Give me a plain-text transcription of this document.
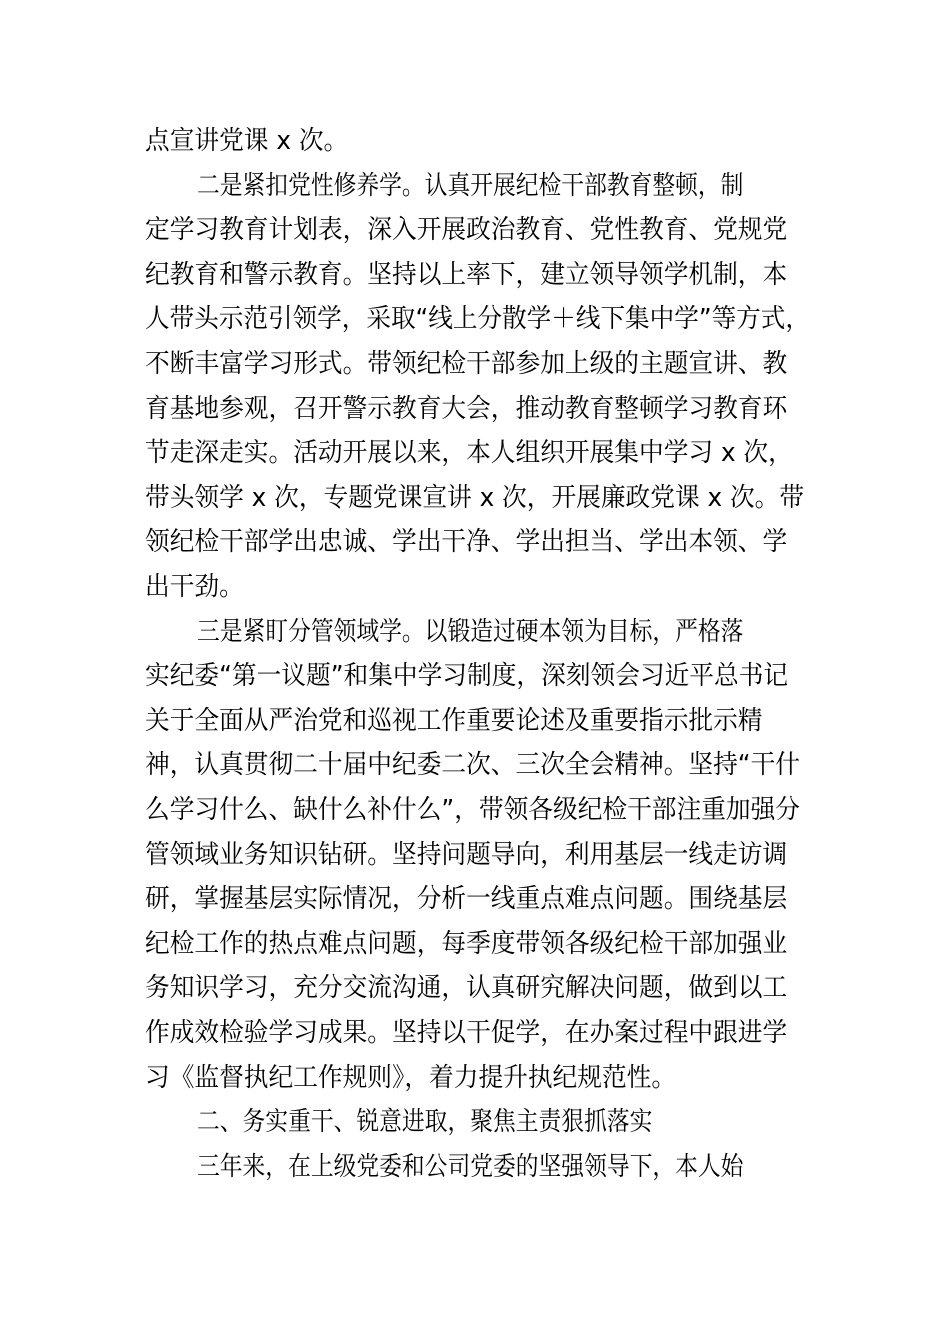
点宣讲党课 x 次。
二是紧扣党性修养学。认真开展纪检干部教育整顿，制
定学习教育计划表，深入开展政治教育、党性教育、党规党
纪教育和警示教育。坚持以上率下，建立领导领学机制，本
人带头示范引领学，采取“线上分散学＋线下集中学”等方式，
不断丰富学习形式。带领纪检干部参加上级的主题宣讲、教
育基地参观，召开警示教育大会，推动教育整顿学习教育环
节走深走实。活动开展以来，本人组织开展集中学习 x 次，
带头领学 x 次，专题党课宣讲 x 次，开展廉政党课 x 次。带
领纪检干部学出忠诚、学出干净、学出担当、学出本领、学
出干劲。
三是紧盯分管领域学。以锻造过硬本领为目标，严格落
实纪委“第一议题”和集中学习制度，深刻领会习近平总书记
关于全面从严治党和巡视工作重要论述及重要指示批示精
神，认真贯彻二十届中纪委二次、三次全会精神。坚持“干什
么学习什么、缺什么补什么”，带领各级纪检干部注重加强分
管领域业务知识钻研。坚持问题导向，利用基层一线走访调
研，掌握基层实际情况，分析一线重点难点问题。围绕基层
纪检工作的热点难点问题，每季度带领各级纪检干部加强业
务知识学习，充分交流沟通，认真研究解决问题，做到以工
作成效检验学习成果。坚持以干促学，在办案过程中跟进学
习《监督执纪工作规则》，着力提升执纪规范性。
二、务实重干、锐意进取，聚焦主责狠抓落实
三年来，在上级党委和公司党委的坚强领导下，本人始
